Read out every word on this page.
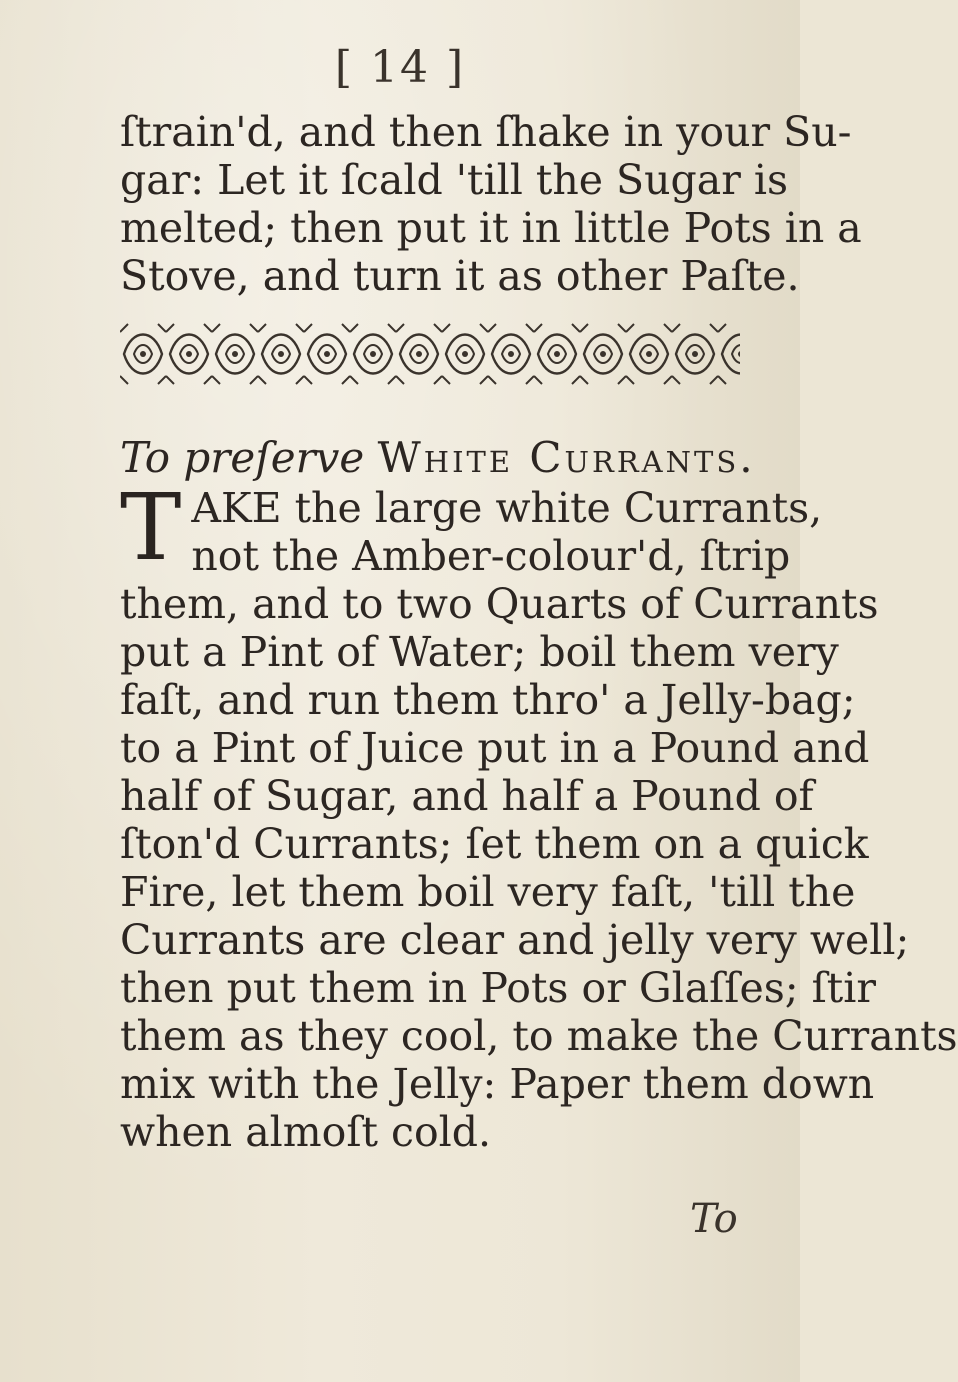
[ 14 ]
ſtrain'd, and then ſhake in your Su-
gar: Let it ſcald 'till the Sugar is
melted; then put it in little Pots in a
Stove, and turn it as other Paſte.
To preſerve White Currants.
T AKE the large white Currants,
not the Amber-colour'd, ſtrip
them, and to two Quarts of Currants
put a Pint of Water; boil them very
faſt, and run them thro' a Jelly-bag;
to a Pint of Juice put in a Pound and
half of Sugar, and half a Pound of
ſton'd Currants; ſet them on a quick
Fire, let them boil very faſt, 'till the
Currants are clear and jelly very well;
then put them in Pots or Glaſſes; ſtir
them as they cool, to make the Currants
mix with the Jelly: Paper them down
when almoſt cold.
To
